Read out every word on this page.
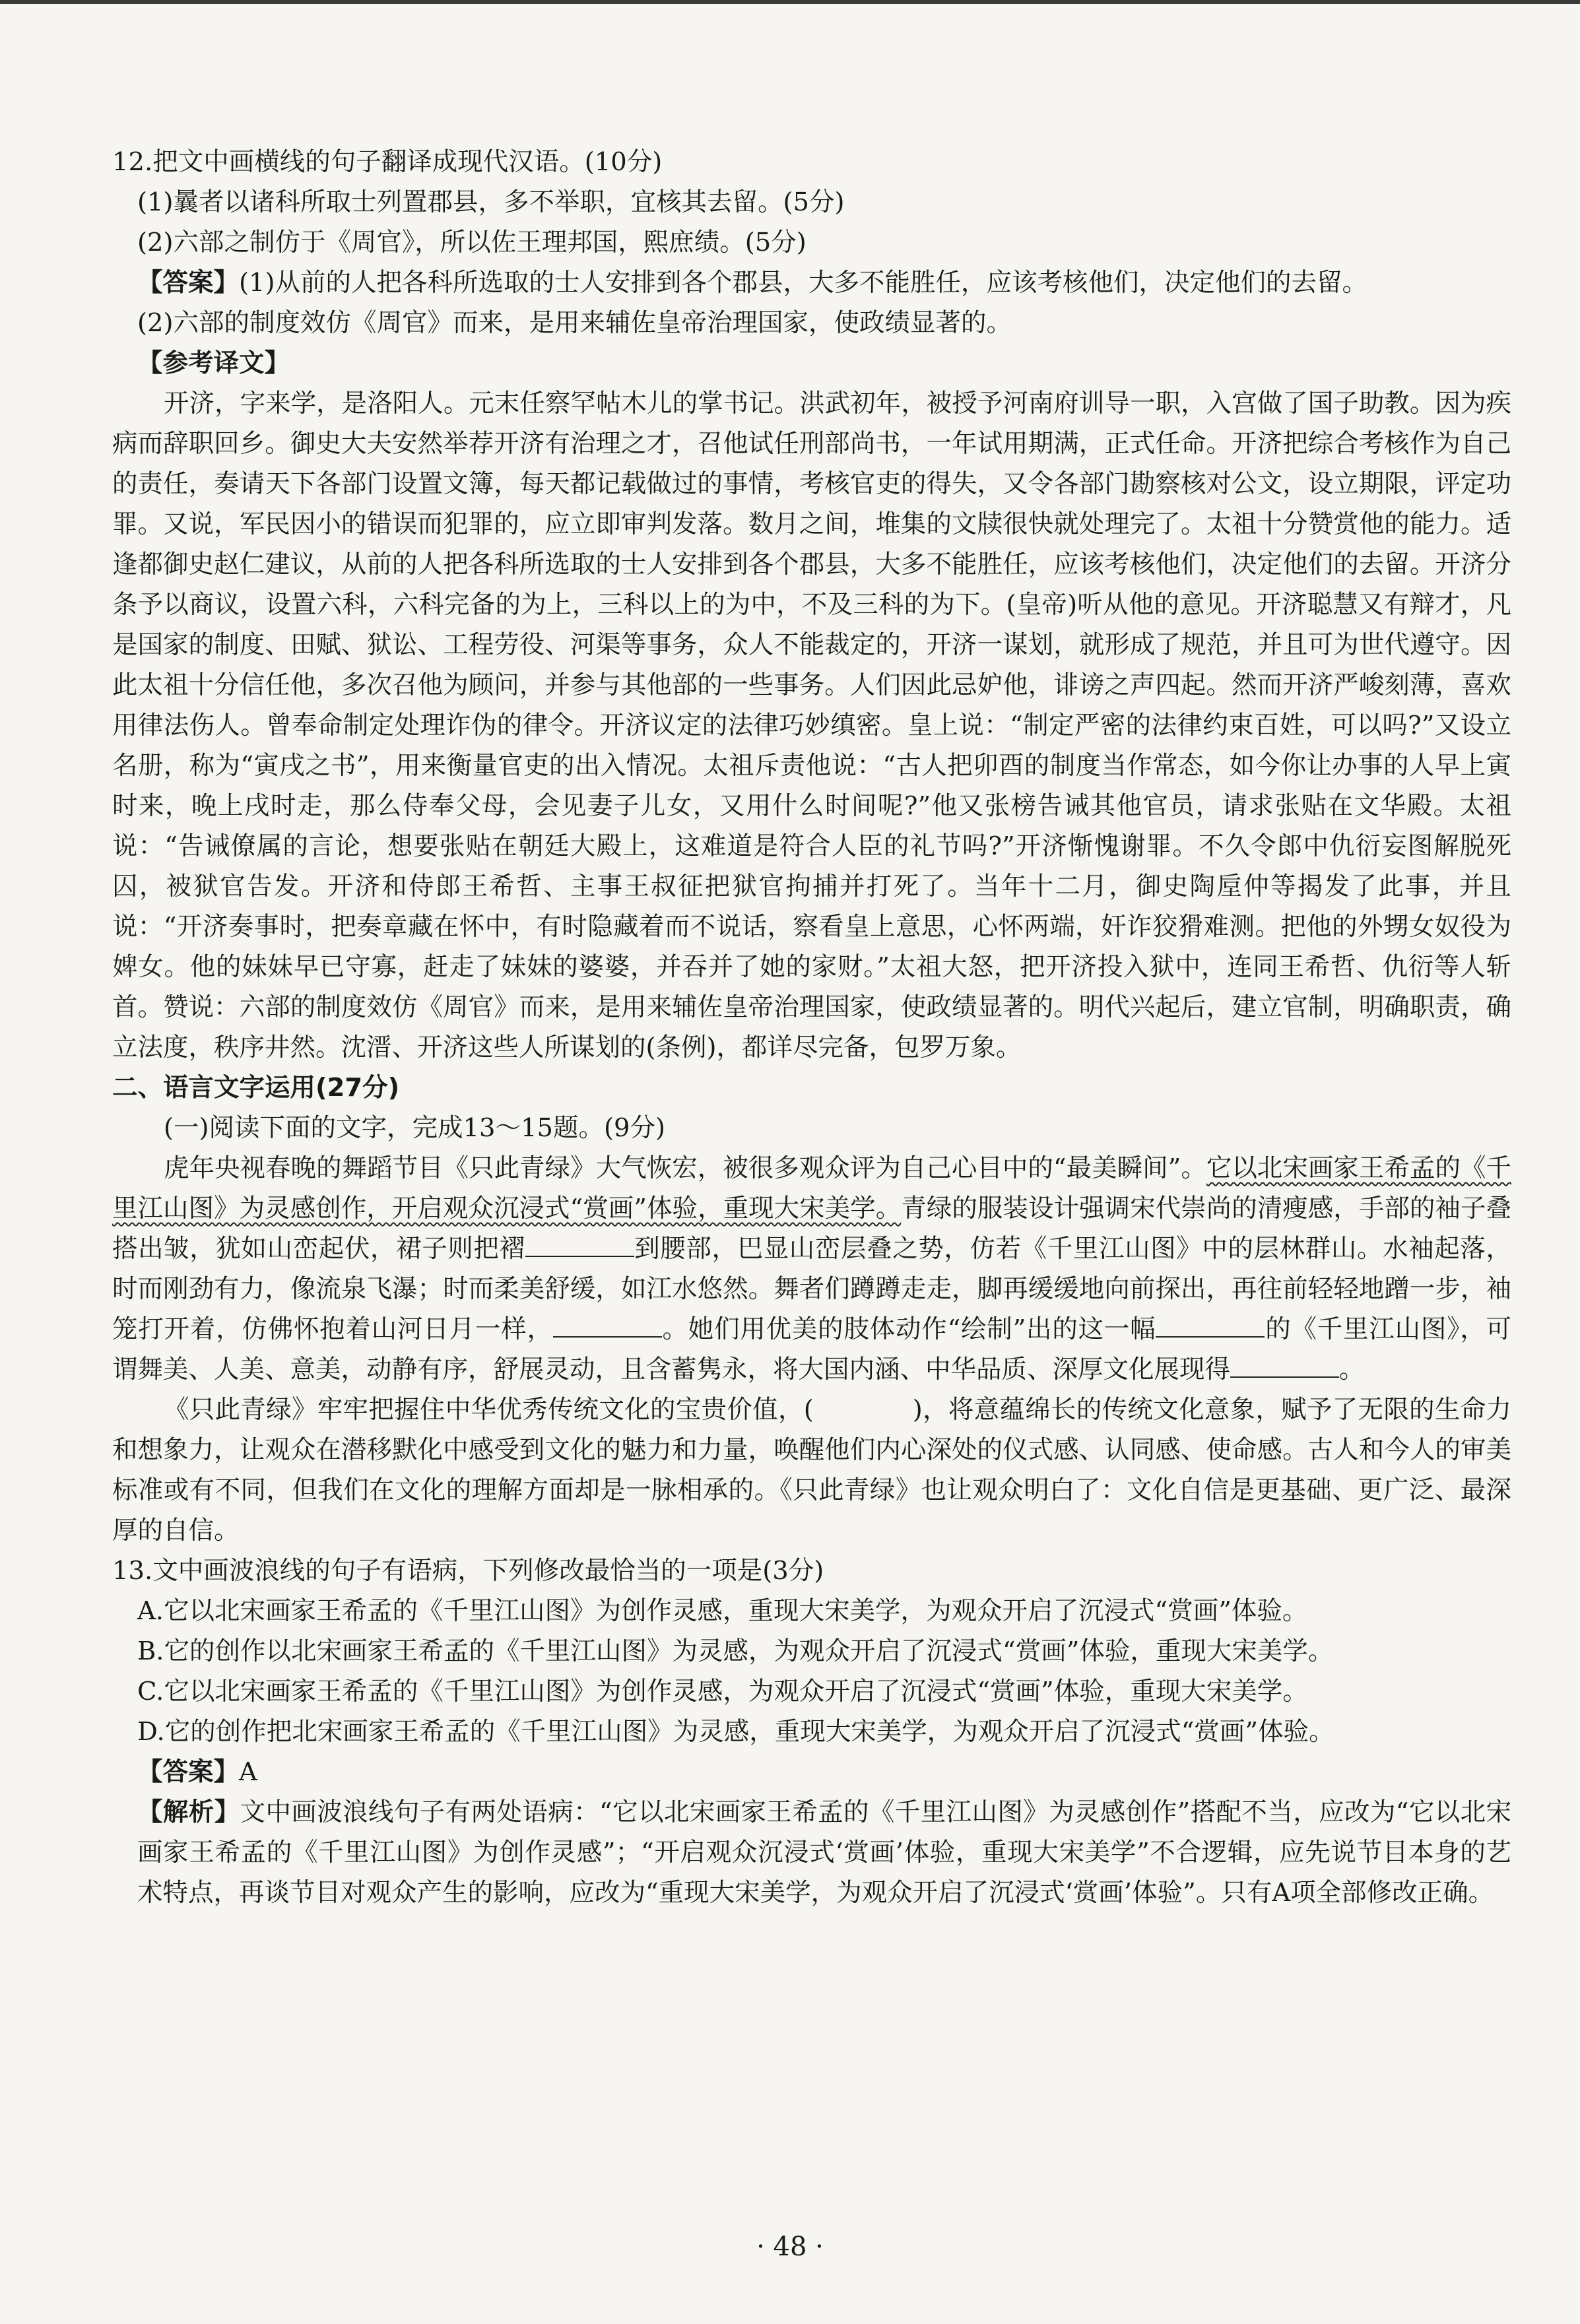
12.把文中画横线的句子翻译成现代汉语。(10分)

(1)曩者以诸科所取士列置郡县，多不举职，宜核其去留。(5分)

(2)六部之制仿于《周官》，所以佐王理邦国，熙庶绩。(5分)

【答案】(1)从前的人把各科所选取的士人安排到各个郡县，大多不能胜任，应该考核他们，决定他们的去留。

(2)六部的制度效仿《周官》而来，是用来辅佐皇帝治理国家，使政绩显著的。

【参考译文】

开济，字来学，是洛阳人。元末任察罕帖木儿的掌书记。洪武初年，被授予河南府训导一职，入宫做了国子助教。因为疾病而辞职回乡。御史大夫安然举荐开济有治理之才，召他试任刑部尚书，一年试用期满，正式任命。开济把综合考核作为自己的责任，奏请天下各部门设置文簿，每天都记载做过的事情，考核官吏的得失，又令各部门勘察核对公文，设立期限，评定功罪。又说，军民因小的错误而犯罪的，应立即审判发落。数月之间，堆集的文牍很快就处理完了。太祖十分赞赏他的能力。适逢都御史赵仁建议，从前的人把各科所选取的士人安排到各个郡县，大多不能胜任，应该考核他们，决定他们的去留。开济分条予以商议，设置六科，六科完备的为上，三科以上的为中，不及三科的为下。(皇帝)听从他的意见。开济聪慧又有辩才，凡是国家的制度、田赋、狱讼、工程劳役、河渠等事务，众人不能裁定的，开济一谋划，就形成了规范，并且可为世代遵守。因此太祖十分信任他，多次召他为顾问，并参与其他部的一些事务。人们因此忌妒他，诽谤之声四起。然而开济严峻刻薄，喜欢用律法伤人。曾奉命制定处理诈伪的律令。开济议定的法律巧妙缜密。皇上说：“制定严密的法律约束百姓，可以吗?”又设立名册，称为“寅戌之书”，用来衡量官吏的出入情况。太祖斥责他说：“古人把卯酉的制度当作常态，如今你让办事的人早上寅时来，晚上戌时走，那么侍奉父母，会见妻子儿女，又用什么时间呢?”他又张榜告诫其他官员，请求张贴在文华殿。太祖说：“告诫僚属的言论，想要张贴在朝廷大殿上，这难道是符合人臣的礼节吗?”开济惭愧谢罪。不久令郎中仇衍妄图解脱死囚，被狱官告发。开济和侍郎王希哲、主事王叔征把狱官拘捕并打死了。当年十二月，御史陶垕仲等揭发了此事，并且说：“开济奏事时，把奏章藏在怀中，有时隐藏着而不说话，察看皇上意思，心怀两端，奸诈狡猾难测。把他的外甥女奴役为婢女。他的妹妹早已守寡，赶走了妹妹的婆婆，并吞并了她的家财。”太祖大怒，把开济投入狱中，连同王希哲、仇衍等人斩首。赞说：六部的制度效仿《周官》而来，是用来辅佐皇帝治理国家，使政绩显著的。明代兴起后，建立官制，明确职责，确立法度，秩序井然。沈溍、开济这些人所谋划的(条例)，都详尽完备，包罗万象。

二、语言文字运用(27分)

(一)阅读下面的文字，完成13～15题。(9分)

虎年央视春晚的舞蹈节目《只此青绿》大气恢宏，被很多观众评为自己心目中的“最美瞬间”。它以北宋画家王希孟的《千里江山图》为灵感创作，开启观众沉浸式“赏画”体验，重现大宋美学。青绿的服装设计强调宋代崇尚的清瘦感，手部的袖子叠搭出皱，犹如山峦起伏，裙子则把褶	到腰部，巴显山峦层叠之势，仿若《千里江山图》中的层林群山。水袖起落，时而刚劲有力，像流泉飞瀑；时而柔美舒缓，如江水悠然。舞者们蹲蹲走走，脚再缓缓地向前探出，再往前轻轻地蹭一步，袖笼打开着，仿佛怀抱着山河日月一样，	。她们用优美的肢体动作“绘制”出的这一幅	的《千里江山图》，可谓舞美、人美、意美，动静有序，舒展灵动，且含蓄隽永，将大国内涵、中华品质、深厚文化展现得	。

《只此青绿》牢牢把握住中华优秀传统文化的宝贵价值，(	)，将意蕴绵长的传统文化意象，赋予了无限的生命力和想象力，让观众在潜移默化中感受到文化的魅力和力量，唤醒他们内心深处的仪式感、认同感、使命感。古人和今人的审美标准或有不同，但我们在文化的理解方面却是一脉相承的。《只此青绿》也让观众明白了：文化自信是更基础、更广泛、最深厚的自信。

13.文中画波浪线的句子有语病，下列修改最恰当的一项是(3分)

A.它以北宋画家王希孟的《千里江山图》为创作灵感，重现大宋美学，为观众开启了沉浸式“赏画”体验。

B.它的创作以北宋画家王希孟的《千里江山图》为灵感，为观众开启了沉浸式“赏画”体验，重现大宋美学。

C.它以北宋画家王希孟的《千里江山图》为创作灵感，为观众开启了沉浸式“赏画”体验，重现大宋美学。

D.它的创作把北宋画家王希孟的《千里江山图》为灵感，重现大宋美学，为观众开启了沉浸式“赏画”体验。

【答案】A

【解析】文中画波浪线句子有两处语病：“它以北宋画家王希孟的《千里江山图》为灵感创作”搭配不当，应改为“它以北宋画家王希孟的《千里江山图》为创作灵感”；“开启观众沉浸式‘赏画’体验，重现大宋美学”不合逻辑，应先说节目本身的艺术特点，再谈节目对观众产生的影响，应改为“重现大宋美学，为观众开启了沉浸式‘赏画’体验”。只有A项全部修改正确。

· 48 ·
